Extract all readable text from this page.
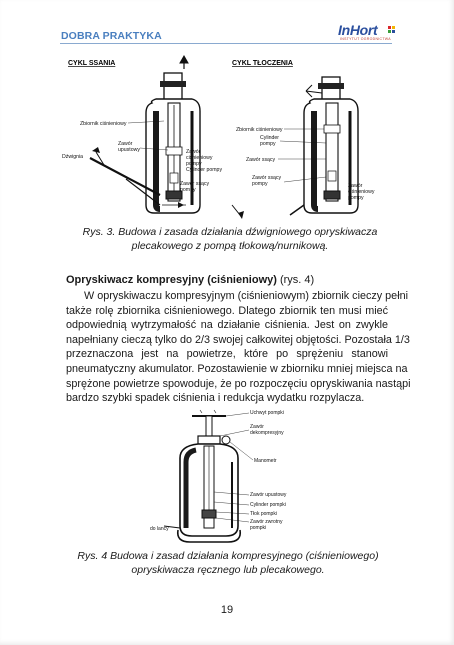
DOBRA PRAKTYKA	InHort
INSTYTUT OGRODNICTWA
CYKL SSANIA	CYKL TŁOCZENIA
Zbiornik ciśnieniowy
Dźwignia
Zawór
upustowy	Zawór
ciśnieniowy
pompy
Cylinder pompy
Zawór ssący
pompy
Zbiornik ciśnieniowy
Cylinder
pompy
Zawór ssący
Zawór ssący
pompy	Zawór
ciśnieniowy
pompy
Rys. 3. Budowa i zasada działania dźwigniowego opryskiwacza
plecakowego z pompą tłokową/nurnikową.
Opryskiwacz kompresyjny (ciśnieniowy) (rys. 4)
W opryskiwaczu kompresyjnym (ciśnieniowym) zbiornik cieczy pełni
także rolę zbiornika ciśnieniowego. Dlatego zbiornik ten musi mieć
odpowiednią wytrzymałość na działanie ciśnienia. Jest on zwykle
napełniany cieczą tylko do 2/3 swojej całkowitej objętości. Pozostała 1/3
przeznaczona jest na powietrze, które po sprężeniu stanowi
pneumatyczny akumulator. Pozostawienie w zbiorniku mniej miejsca na
sprężone powietrze spowoduje, że po rozpoczęciu opryskiwania nastąpi
bardzo szybki spadek ciśnienia i redukcja wydatku rozpylacza.
Uchwyt pompki
Zawór
dekompresyjny
Manometr
Zawór upustowy
Cylinder pompki
Tłok pompki
Zawór zwrotny
pompki
do lancy
Rys. 4 Budowa i zasad działania kompresyjnego (ciśnieniowego)
opryskiwacza ręcznego lub plecakowego.
19
